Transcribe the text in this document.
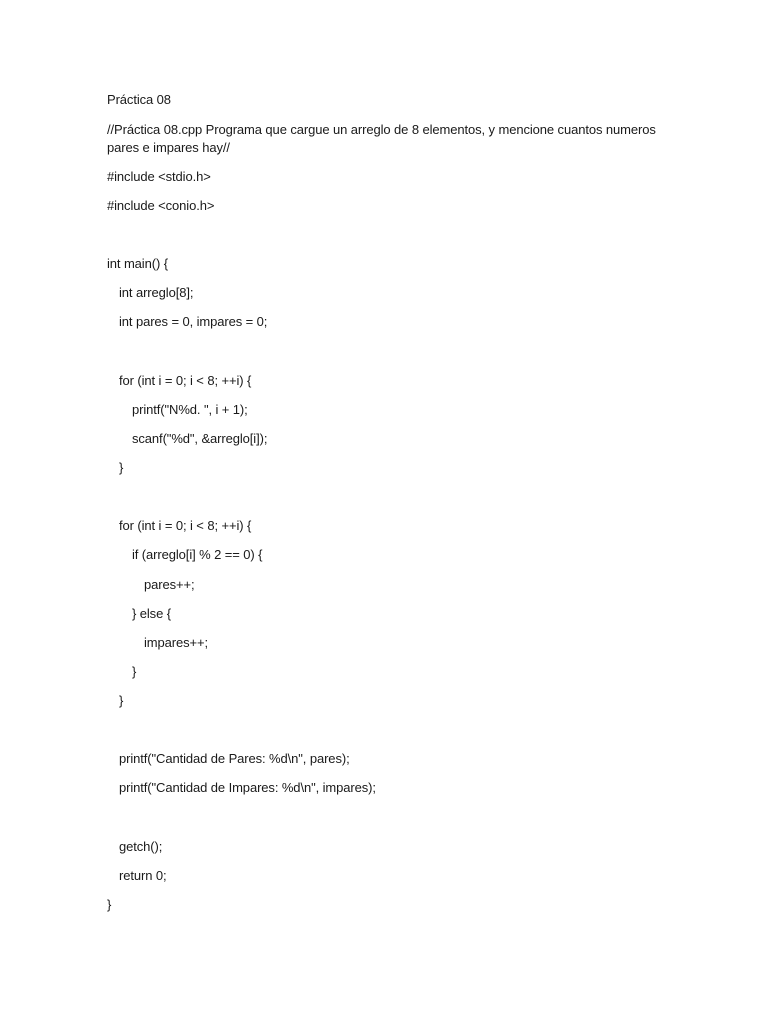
Práctica 08
//Práctica 08.cpp Programa que cargue un arreglo de 8 elementos, y mencione cuantos numeros pares e impares hay//
#include <stdio.h>
#include <conio.h>
int main() {
int arreglo[8];
int pares = 0, impares = 0;
for (int i = 0; i < 8; ++i) {
printf("N%d. ", i + 1);
scanf("%d", &arreglo[i]);
}
for (int i = 0; i < 8; ++i) {
if (arreglo[i] % 2 == 0) {
pares++;
} else {
impares++;
}
}
printf("Cantidad de Pares: %d\n", pares);
printf("Cantidad de Impares: %d\n", impares);
getch();
return 0;
}
